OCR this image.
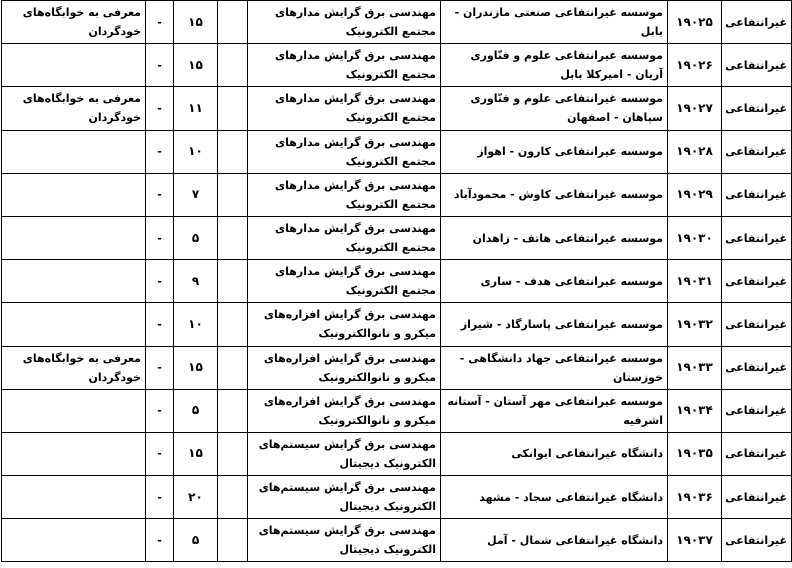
غیرانتفاعی	۱۹۰۲۵	موسسه غیرانتفاعی صنعتی مازندران - بابل	مهندسی برق گرایش مدارهای مجتمع الکترونیک		۱۵	-	معرفی به خوابگاه‌های خودگردان
غیرانتفاعی	۱۹۰۲۶	موسسه غیرانتفاعی علوم و فنّاوری آریان - امیرکلا بابل	مهندسی برق گرایش مدارهای مجتمع الکترونیک		۱۵	-	
غیرانتفاعی	۱۹۰۲۷	موسسه غیرانتفاعی علوم و فنّاوری سپاهان - اصفهان	مهندسی برق گرایش مدارهای مجتمع الکترونیک		۱۱	-	معرفی به خوابگاه‌های خودگردان
غیرانتفاعی	۱۹۰۲۸	موسسه غیرانتفاعی کارون - اهواز	مهندسی برق گرایش مدارهای مجتمع الکترونیک		۱۰	-	
غیرانتفاعی	۱۹۰۲۹	موسسه غیرانتفاعی کاوش - محمودآباد	مهندسی برق گرایش مدارهای مجتمع الکترونیک		۷	-	
غیرانتفاعی	۱۹۰۳۰	موسسه غیرانتفاعی هاتف - زاهدان	مهندسی برق گرایش مدارهای مجتمع الکترونیک		۵	-	
غیرانتفاعی	۱۹۰۳۱	موسسه غیرانتفاعی هدف - ساری	مهندسی برق گرایش مدارهای مجتمع الکترونیک		۹	-	
غیرانتفاعی	۱۹۰۳۲	موسسه غیرانتفاعی پاسارگاد - شیراز	مهندسی برق گرایش افزاره‌های میکرو و نانوالکترونیک		۱۰	-	
غیرانتفاعی	۱۹۰۳۳	موسسه غیرانتفاعی جهاد دانشگاهی - خوزستان	مهندسی برق گرایش افزاره‌های میکرو و نانوالکترونیک		۱۵	-	معرفی به خوابگاه‌های خودگردان
غیرانتفاعی	۱۹۰۳۴	موسسه غیرانتفاعی مهر آستان - آستانه اشرفیه	مهندسی برق گرایش افزاره‌های میکرو و نانوالکترونیک		۵	-	
غیرانتفاعی	۱۹۰۳۵	دانشگاه غیرانتفاعی ایوانکی	مهندسی برق گرایش سیستم‌های الکترونیک دیجیتال		۱۵	-	
غیرانتفاعی	۱۹۰۳۶	دانشگاه غیرانتفاعی سجاد - مشهد	مهندسی برق گرایش سیستم‌های الکترونیک دیجیتال		۲۰	-	
غیرانتفاعی	۱۹۰۳۷	دانشگاه غیرانتفاعی شمال - آمل	مهندسی برق گرایش سیستم‌های الکترونیک دیجیتال		۵	-	
